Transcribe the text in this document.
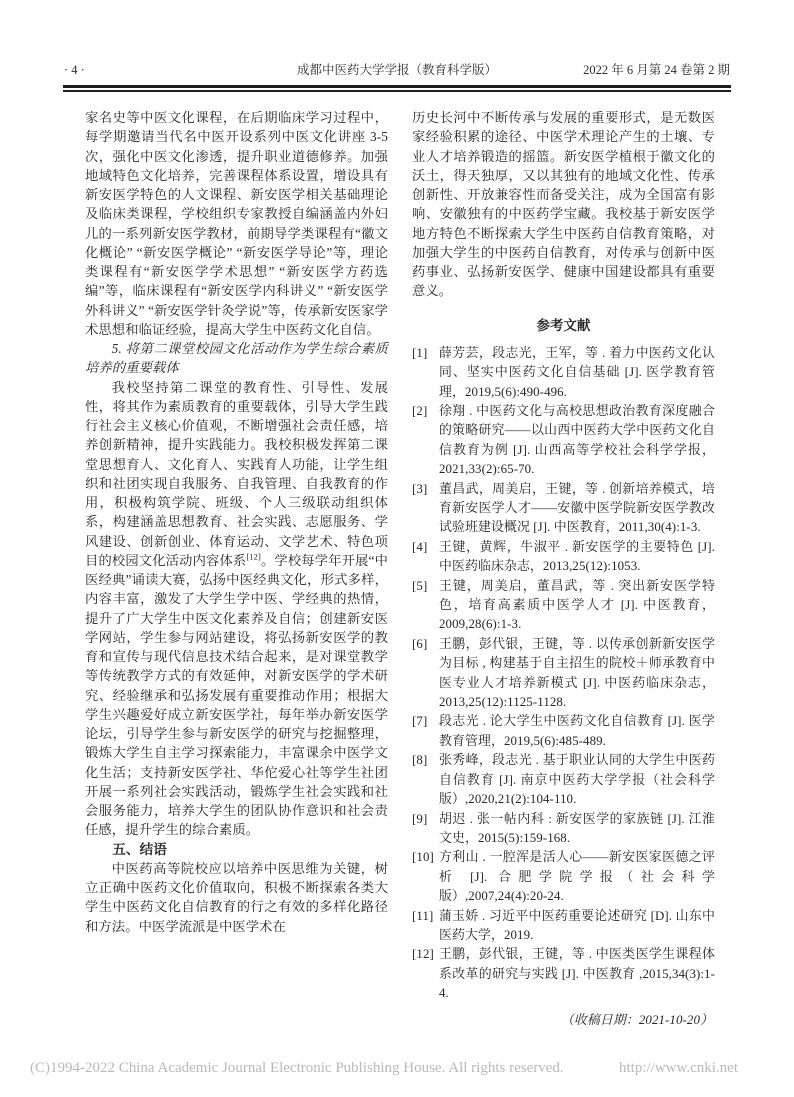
· 4 ·	成都中医药大学学报（教育科学版）	2022 年 6 月第 24 卷第 2 期

家名史等中医文化课程，在后期临床学习过程中，每学期邀请当代名中医开设系列中医文化讲座 3-5 次，强化中医文化渗透，提升职业道德修养。加强地域特色文化培养，完善课程体系设置，增设具有新安医学特色的人文课程、新安医学相关基础理论及临床类课程，学校组织专家教授自编涵盖内外妇儿的一系列新安医学教材，前期导学类课程有“徽文化概论” “新安医学概论” “新安医学导论”等，理论类课程有“新安医学学术思想” “新安医学方药选编”等，临床课程有“新安医学内科讲义” “新安医学外科讲义” “新安医学针灸学说”等，传承新安医家学术思想和临证经验，提高大学生中医药文化自信。

5. 将第二课堂校园文化活动作为学生综合素质培养的重要载体

我校坚持第二课堂的教育性、引导性、发展性，将其作为素质教育的重要载体，引导大学生践行社会主义核心价值观，不断增强社会责任感，培养创新精神，提升实践能力。我校积极发挥第二课堂思想育人、文化育人、实践育人功能，让学生组织和社团实现自我服务、自我管理、自我教育的作用，积极构筑学院、班级、个人三级联动组织体系，构建涵盖思想教育、社会实践、志愿服务、学风建设、创新创业、体育运动、文学艺术、特色项目的校园文化活动内容体系[12]。学校每学年开展“中医经典”诵读大赛，弘扬中医经典文化，形式多样，内容丰富，激发了大学生学中医、学经典的热情，提升了广大学生中医文化素养及自信；创建新安医学网站，学生参与网站建设，将弘扬新安医学的教育和宣传与现代信息技术结合起来，是对课堂教学等传统教学方式的有效延伸，对新安医学的学术研究、经验继承和弘扬发展有重要推动作用；根据大学生兴趣爱好成立新安医学社，每年举办新安医学论坛，引导学生参与新安医学的研究与挖掘整理，锻炼大学生自主学习探索能力，丰富课余中医学文化生活；支持新安医学社、华佗爱心社等学生社团开展一系列社会实践活动，锻炼学生社会实践和社会服务能力，培养大学生的团队协作意识和社会责任感，提升学生的综合素质。

五、结语

中医药高等院校应以培养中医思维为关键，树立正确中医药文化价值取向，积极不断探索各类大学生中医药文化自信教育的行之有效的多样化路径和方法。中医学流派是中医学术在

历史长河中不断传承与发展的重要形式，是无数医家经验积累的途径、中医学术理论产生的土壤、专业人才培养锻造的摇篮。新安医学植根于徽文化的沃土，得天独厚，又以其独有的地域文化性、传承创新性、开放兼容性而备受关注，成为全国富有影响、安徽独有的中医药学宝藏。我校基于新安医学地方特色不断探索大学生中医药自信教育策略，对加强大学生的中医药自信教育，对传承与创新中医药事业、弘扬新安医学、健康中国建设都具有重要意义。

参考文献
[1] 薛芳芸，段志光，王军，等 . 着力中医药文化认同、坚实中医药文化自信基础 [J]. 医学教育管理，2019,5(6):490-496.
[2] 徐翔 . 中医药文化与高校思想政治教育深度融合的策略研究——以山西中医药大学中医药文化自信教育为例 [J]. 山西高等学校社会科学学报，2021,33(2):65-70.
[3] 董昌武，周美启，王键，等 . 创新培养模式，培育新安医学人才——安徽中医学院新安医学教改试验班建设概况 [J]. 中医教育，2011,30(4):1-3.
[4] 王键，黄辉，牛淑平 . 新安医学的主要特色 [J]. 中医药临床杂志，2013,25(12):1053.
[5] 王键，周美启，董昌武，等 . 突出新安医学特色，培育高素质中医学人才 [J]. 中医教育，2009,28(6):1-3.
[6] 王鹏，彭代银，王键，等 . 以传承创新新安医学为目标 , 构建基于自主招生的院校＋师承教育中医专业人才培养新模式 [J]. 中医药临床杂志，2013,25(12):1125-1128.
[7] 段志光 . 论大学生中医药文化自信教育 [J]. 医学教育管理，2019,5(6):485-489.
[8] 张秀峰，段志光 . 基于职业认同的大学生中医药自信教育 [J]. 南京中医药大学学报（社会科学版）,2020,21(2):104-110.
[9] 胡迟 . 张一帖内科 : 新安医学的家族链 [J]. 江淮文史，2015(5):159-168.
[10] 方利山 . 一腔浑是活人心——新安医家医德之评析 [J]. 合肥学院学报（社会科学版）,2007,24(4):20-24.
[11] 蒲玉娇 . 习近平中医药重要论述研究 [D]. 山东中医药大学，2019.
[12] 王鹏，彭代银，王键，等 . 中医类医学生课程体系改革的研究与实践 [J]. 中医教育 ,2015,34(3):1-4.
（收稿日期：2021-10-20）
(C)1994-2022 China Academic Journal Electronic Publishing House. All rights reserved.	http://www.cnki.net
